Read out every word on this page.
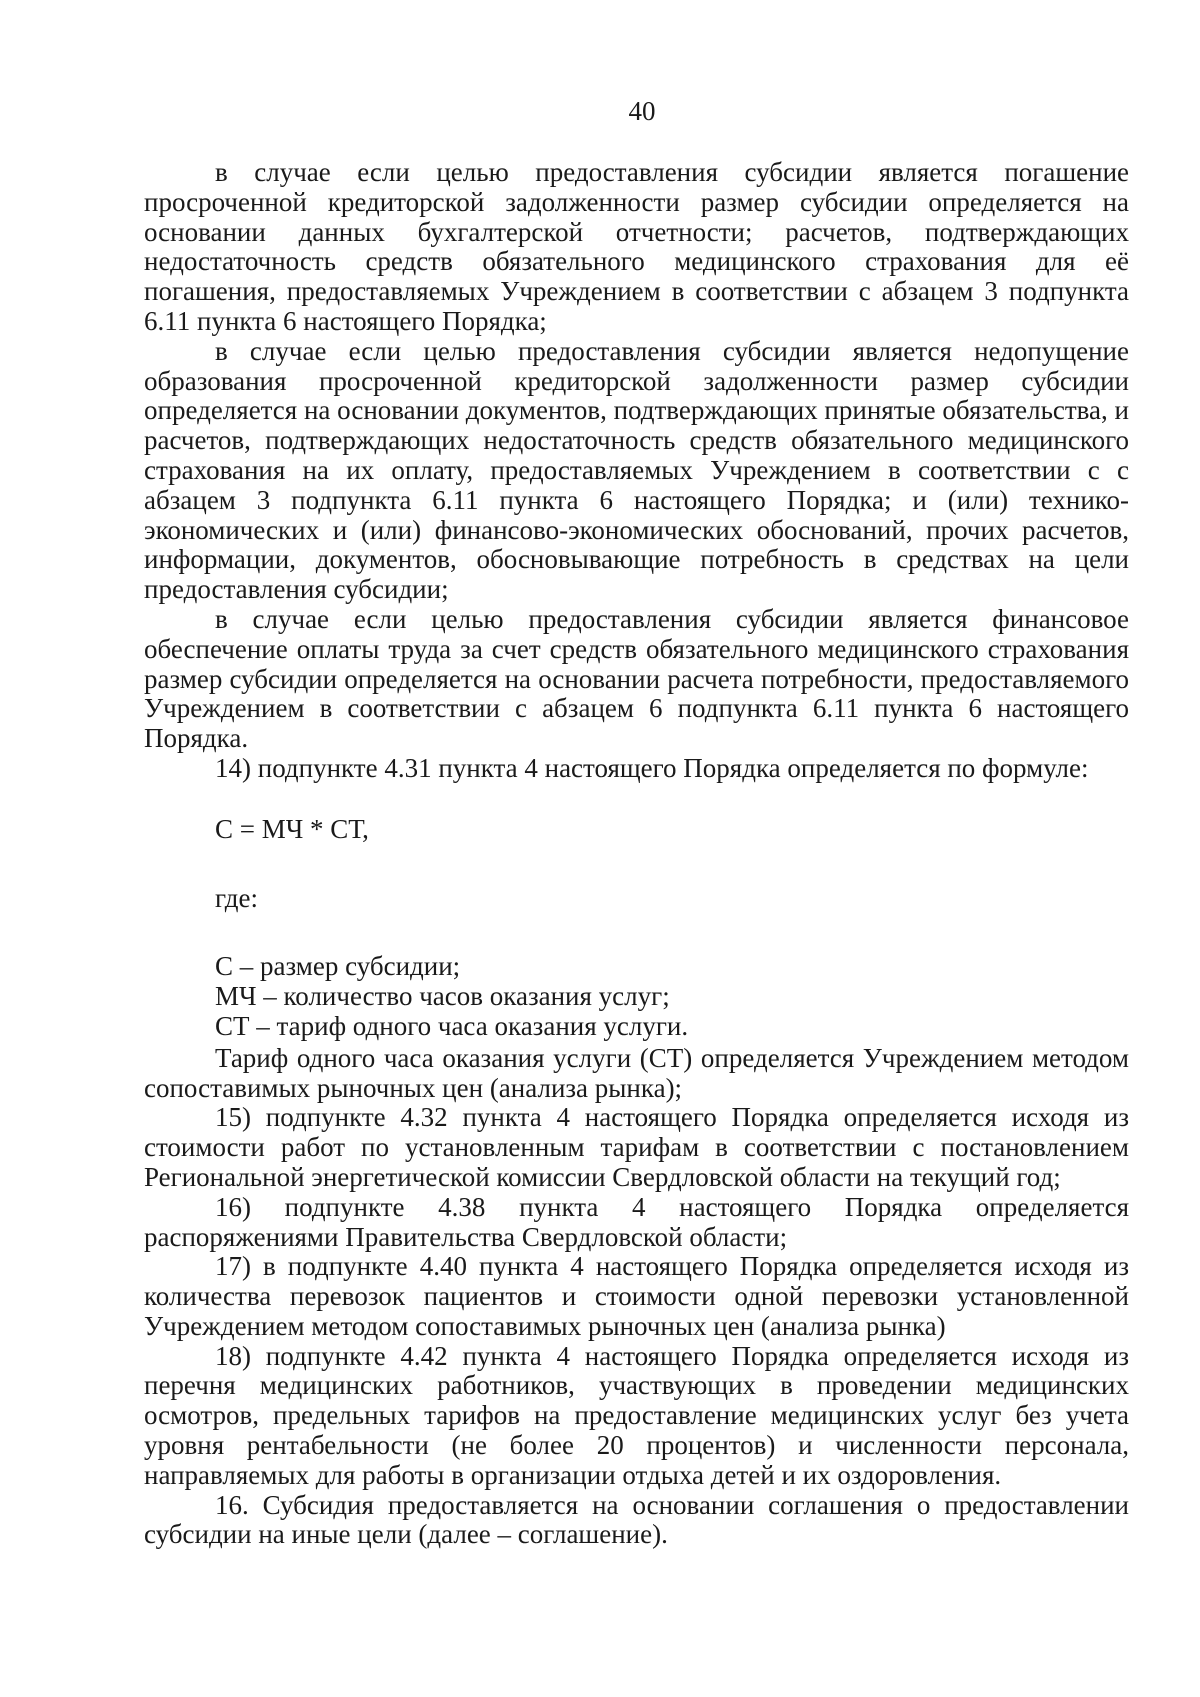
40

в случае если целью предоставления субсидии является погашение просроченной кредиторской задолженности размер субсидии определяется на основании данных бухгалтерской отчетности; расчетов, подтверждающих недостаточность средств обязательного медицинского страхования для её погашения, предоставляемых Учреждением в соответствии с абзацем 3 подпункта 6.11 пункта 6 настоящего Порядка;

в случае если целью предоставления субсидии является недопущение образования просроченной кредиторской задолженности размер субсидии определяется на основании документов, подтверждающих принятые обязательства, и расчетов, подтверждающих недостаточность средств обязательного медицинского страхования на их оплату, предоставляемых Учреждением в соответствии с с абзацем 3 подпункта 6.11 пункта 6 настоящего Порядка; и (или) технико-экономических и (или) финансово-экономических обоснований, прочих расчетов, информации, документов, обосновывающие потребность в средствах на цели предоставления субсидии;

в случае если целью предоставления субсидии является финансовое обеспечение оплаты труда за счет средств обязательного медицинского страхования размер субсидии определяется на основании расчета потребности, предоставляемого Учреждением в соответствии с абзацем 6 подпункта 6.11 пункта 6 настоящего Порядка.

14) подпункте 4.31 пункта 4 настоящего Порядка определяется по формуле:

С = МЧ * СТ,

где:

С – размер субсидии;

МЧ – количество часов оказания услуг;

СТ – тариф одного часа оказания услуги.

Тариф одного часа оказания услуги (СТ) определяется Учреждением методом сопоставимых рыночных цен (анализа рынка);

15) подпункте 4.32 пункта 4 настоящего Порядка определяется исходя из стоимости работ по установленным тарифам в соответствии с постановлением Региональной энергетической комиссии Свердловской области на текущий год;

16) подпункте 4.38 пункта 4 настоящего Порядка определяется распоряжениями Правительства Свердловской области;

17) в подпункте 4.40 пункта 4 настоящего Порядка определяется исходя из количества перевозок пациентов и стоимости одной перевозки установленной Учреждением методом сопоставимых рыночных цен (анализа рынка)

18) подпункте 4.42 пункта 4 настоящего Порядка определяется исходя из перечня медицинских работников, участвующих в проведении медицинских осмотров, предельных тарифов на предоставление медицинских услуг без учета уровня рентабельности (не более 20 процентов) и численности персонала, направляемых для работы в организации отдыха детей и их оздоровления.

16. Субсидия предоставляется на основании соглашения о предоставлении субсидии на иные цели (далее – соглашение).
